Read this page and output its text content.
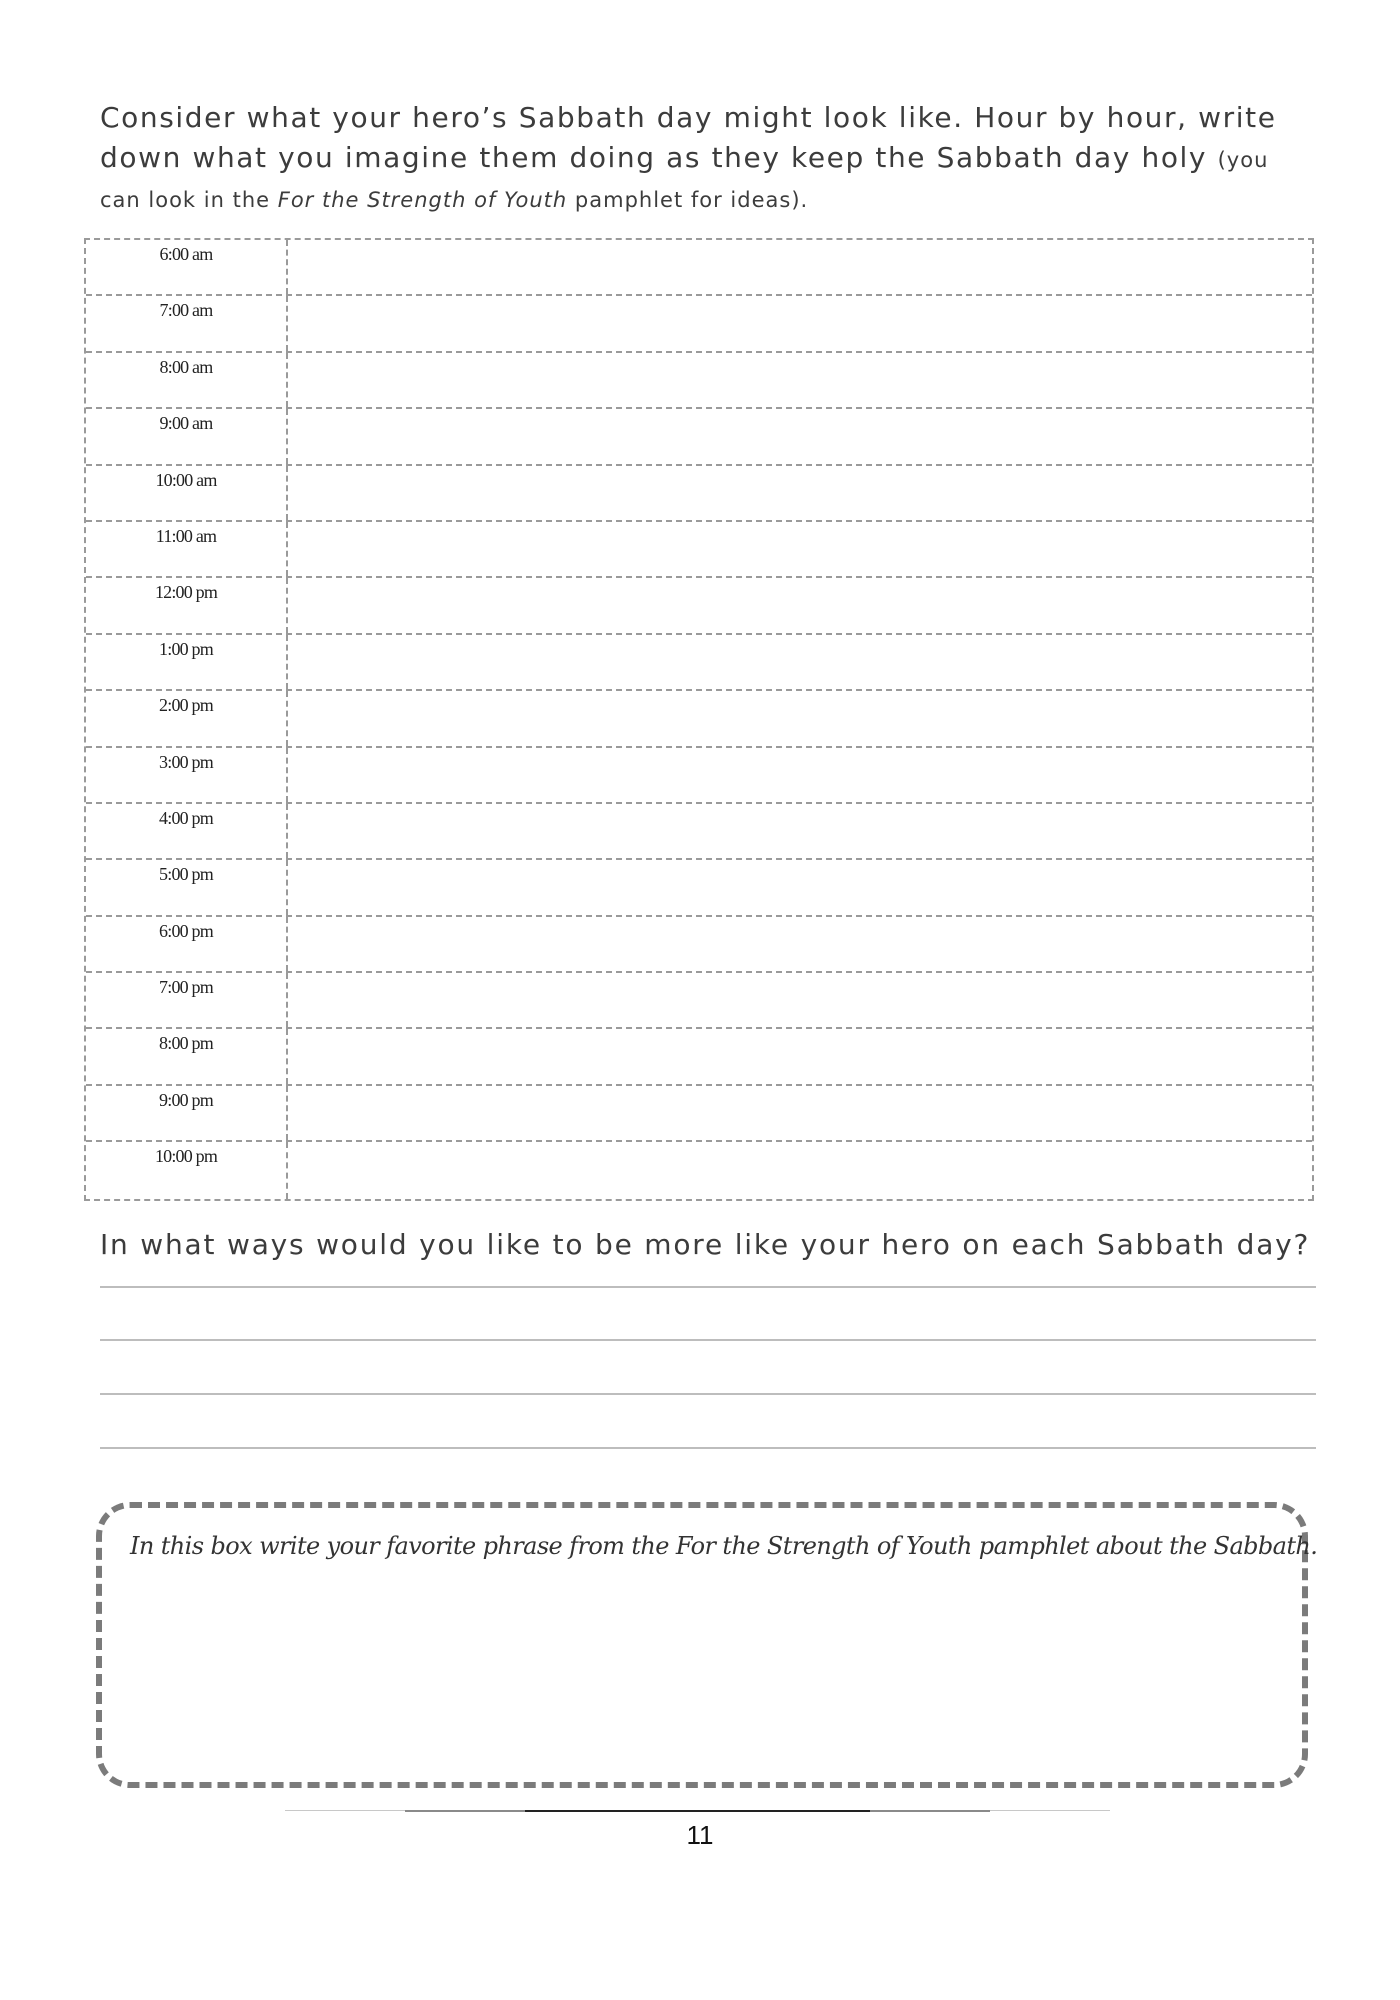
Consider what your hero’s Sabbath day might look like. Hour by hour, write
down what you imagine them doing as they keep the Sabbath day holy (you
can look in the For the Strength of Youth pamphlet for ideas).
6:00 am
7:00 am
8:00 am
9:00 am
10:00 am
11:00 am
12:00 pm
1:00 pm
2:00 pm
3:00 pm
4:00 pm
5:00 pm
6:00 pm
7:00 pm
8:00 pm
9:00 pm
10:00 pm
In what ways would you like to be more like your hero on each Sabbath day?
In this box write your favorite phrase from the For the Strength of Youth pamphlet about the Sabbath.
11
